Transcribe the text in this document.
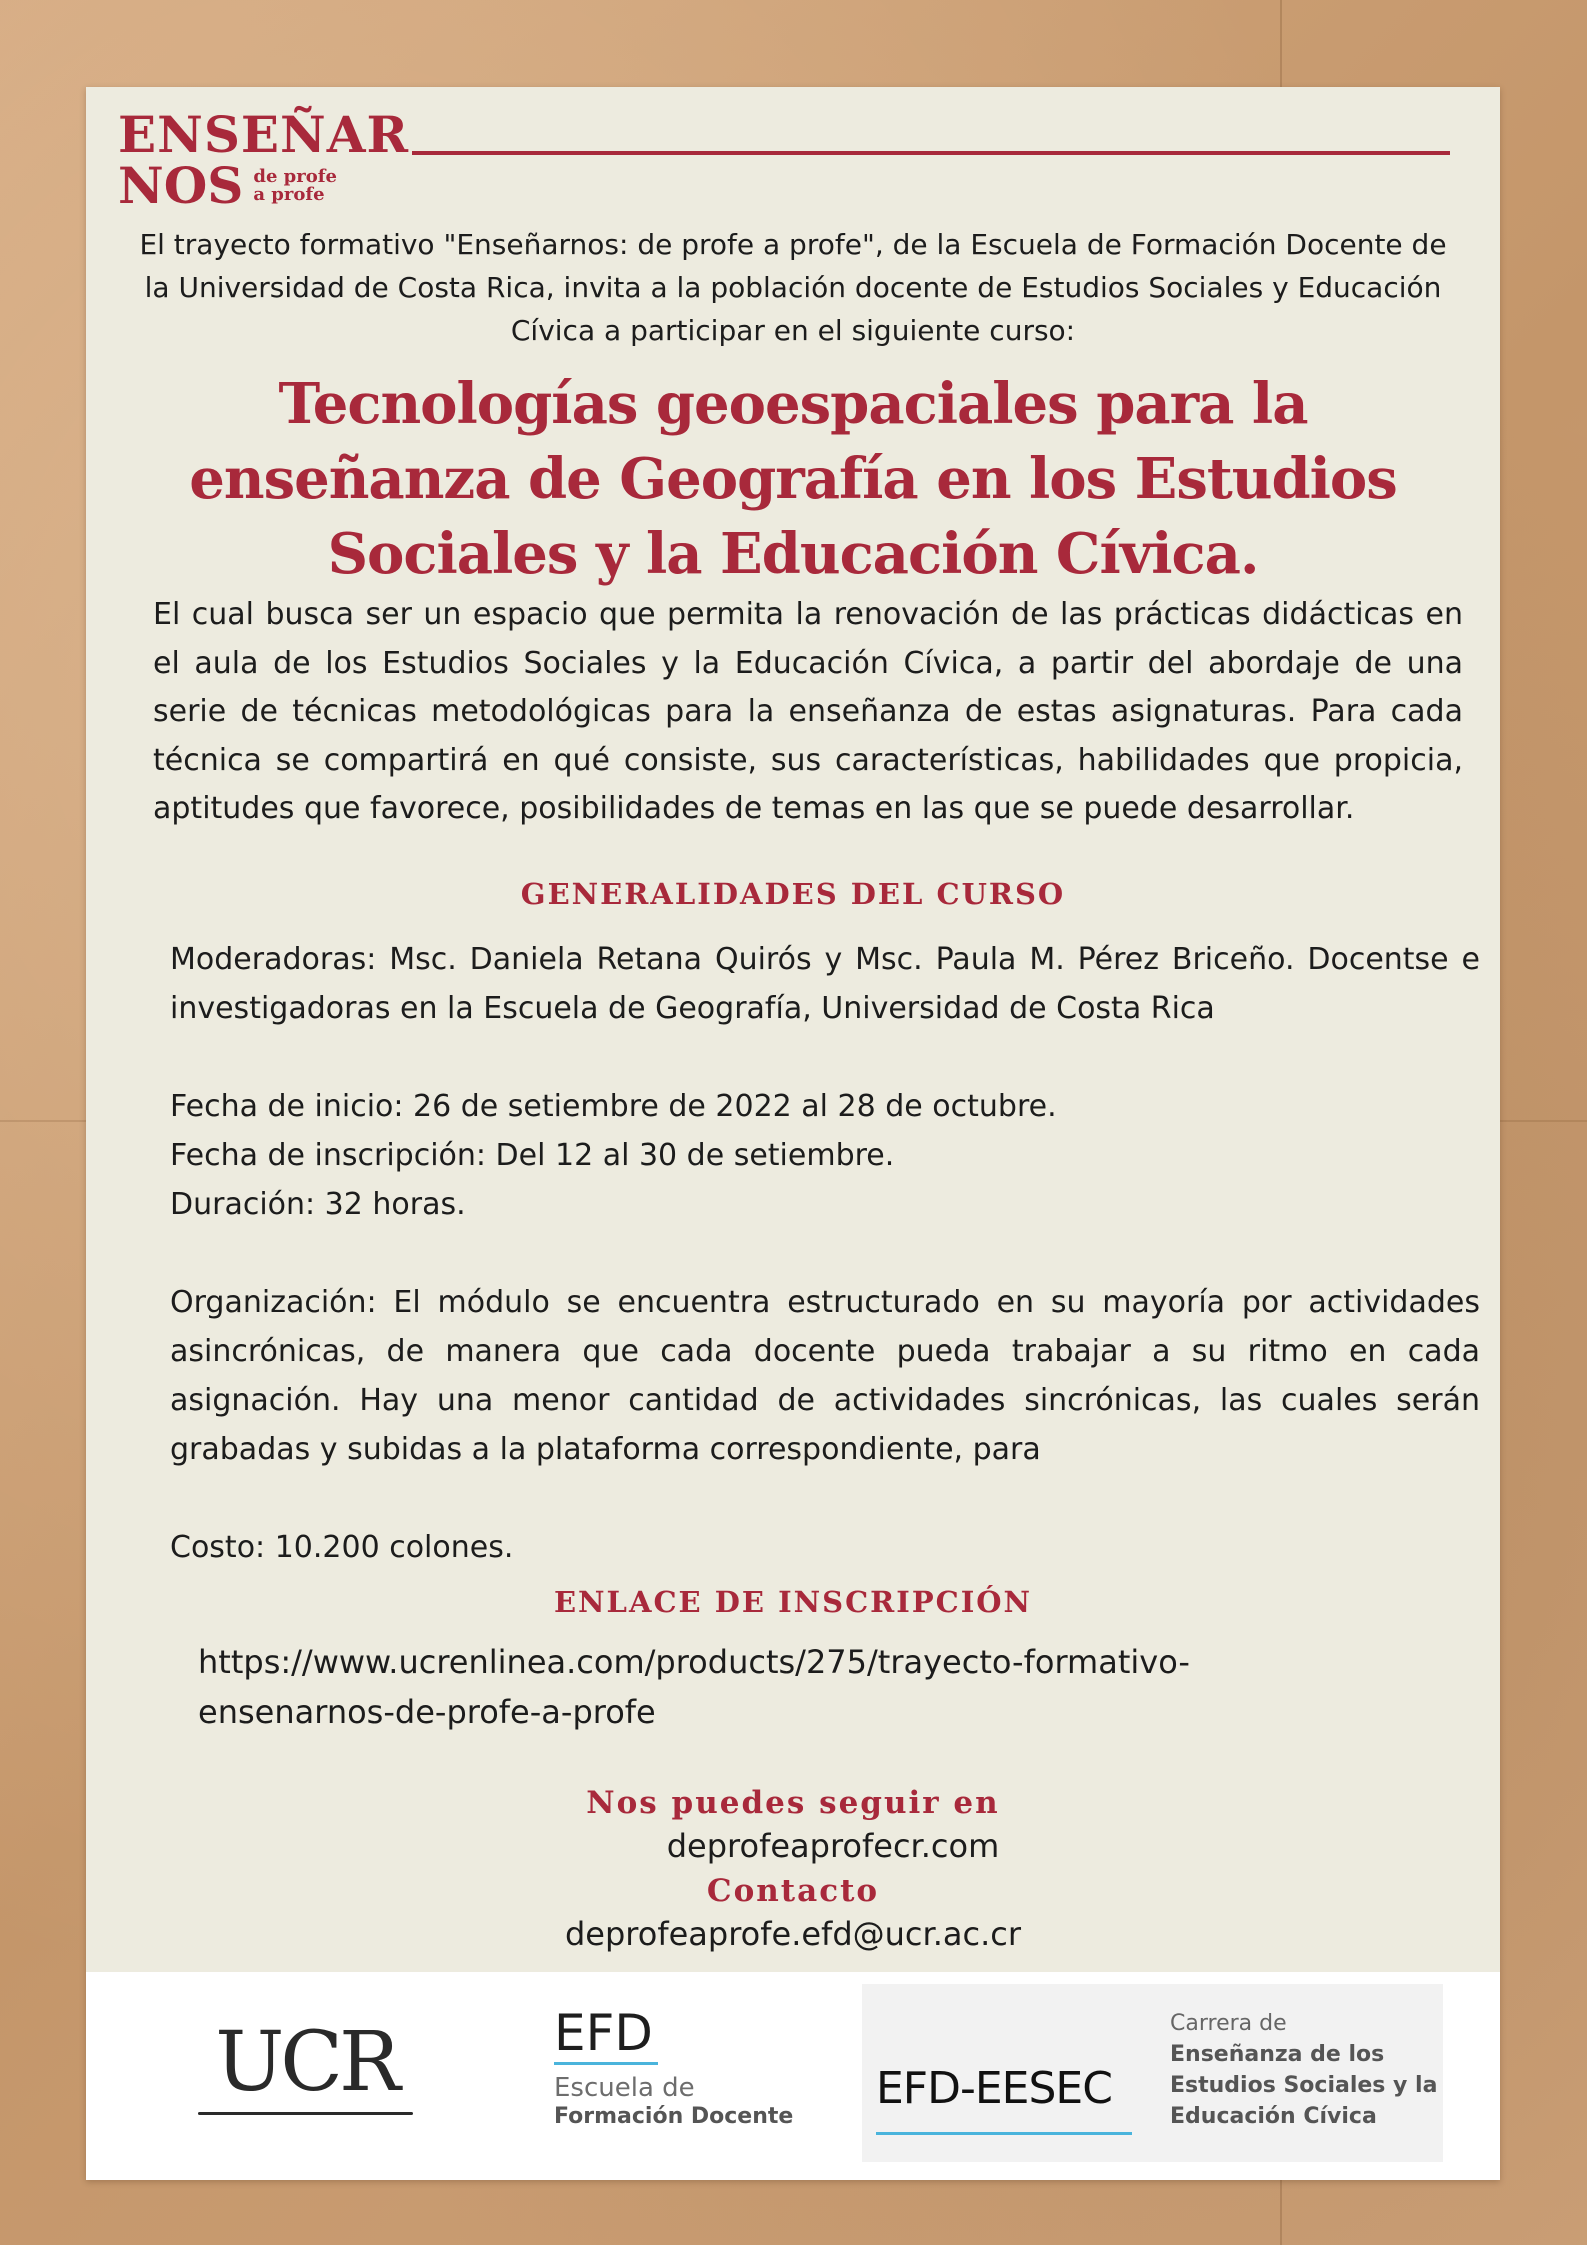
ENSEÑAR
NOS de profe
a profe
El trayecto formativo "Enseñarnos: de profe a profe", de la Escuela de Formación Docente de la Universidad de Costa Rica, invita a la población docente de Estudios Sociales y Educación Cívica a participar en el siguiente curso:
Tecnologías geoespaciales para la
enseñanza de Geografía en los Estudios
Sociales y la Educación Cívica.
El cual busca ser un espacio que permita la renovación de las prácticas didácticas en el aula de los Estudios Sociales y la Educación Cívica, a partir del abordaje de una serie de técnicas metodológicas para la enseñanza de estas asignaturas. Para cada técnica se compartirá en qué consiste, sus características, habilidades que propicia, aptitudes que favorece, posibilidades de temas en las que se puede desarrollar.
GENERALIDADES DEL CURSO
Moderadoras: Msc. Daniela Retana Quirós y Msc. Paula M. Pérez Briceño. Docentse e investigadoras en la Escuela de Geografía, Universidad de Costa Rica
Fecha de inicio: 26 de setiembre de 2022 al 28 de octubre.
Fecha de inscripción: Del 12 al 30 de setiembre.
Duración: 32 horas.
Organización: El módulo se encuentra estructurado en su mayoría por actividades asincrónicas, de manera que cada docente pueda trabajar a su ritmo en cada asignación. Hay una menor cantidad de actividades sincrónicas, las cuales serán grabadas y subidas a la plataforma correspondiente, para
Costo: 10.200 colones.
ENLACE DE INSCRIPCIÓN
https://www.ucrenlinea.com/products/275/trayecto-formativo-
ensenarnos-de-profe-a-profe
Nos puedes seguir en
deprofeaprofecr.com
Contacto
deprofeaprofe.efd@ucr.ac.cr
UCR	EFD
Escuela de
Formación Docente
EFD-EESEC
Carrera de
Enseñanza de los
Estudios Sociales y la
Educación Cívica
